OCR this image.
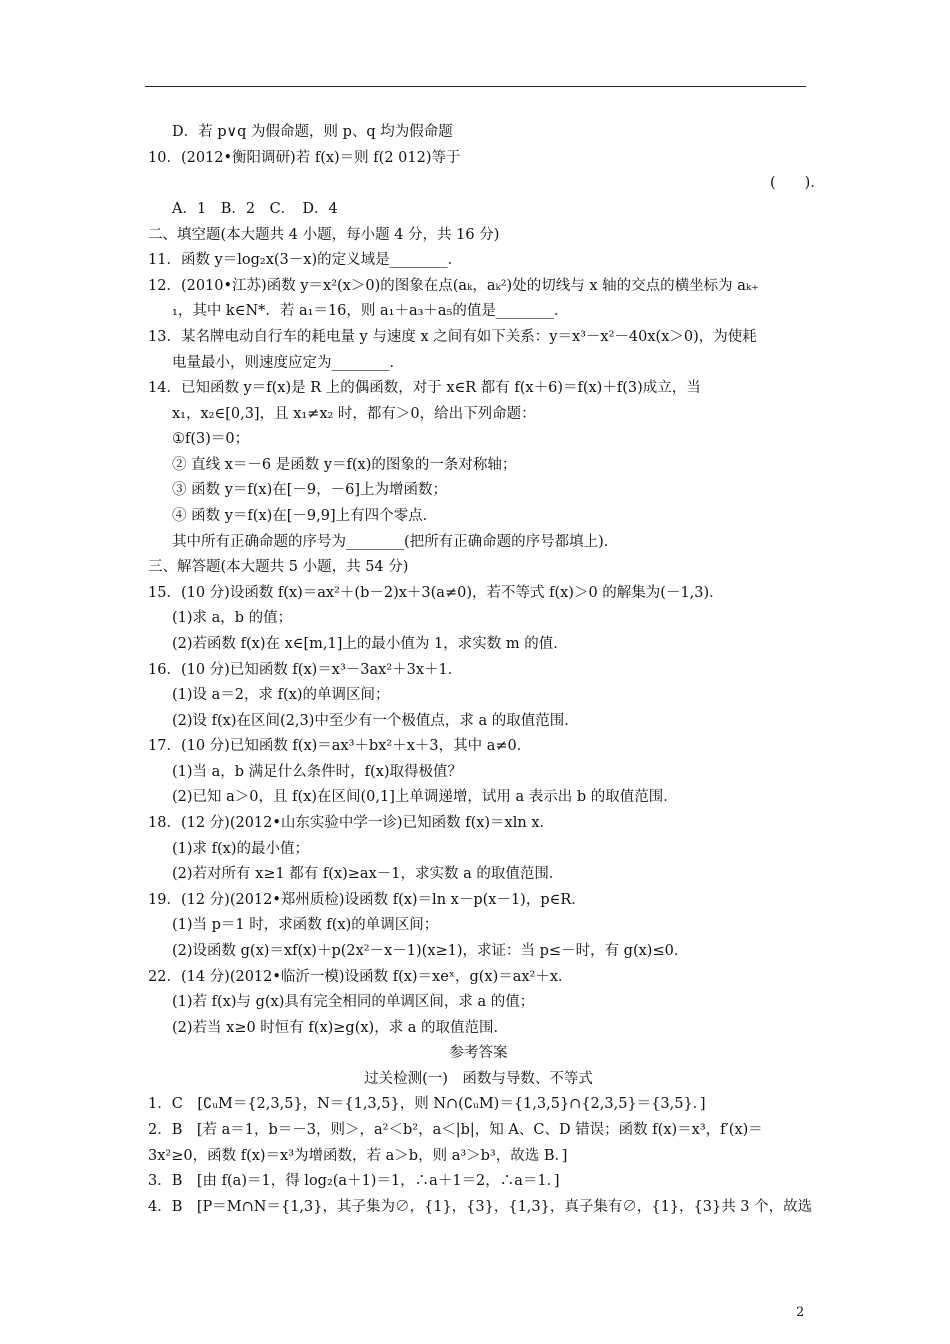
D．若 p∨q 为假命题，则 p、q 均为假命题
10．(2012•衡阳调研)若 f(x)＝则 f(2 012)等于
(　　)．
A．1　B．2　C．　D．4
二、填空题(本大题共 4 小题，每小题 4 分，共 16 分)
11．函数 y＝log₂x(3－x)的定义域是________．
12．(2010•江苏)函数 y＝x²(x＞0)的图象在点(aₖ，aₖ²)处的切线与 x 轴的交点的横坐标为 aₖ₊
₁，其中 k∈N*．若 a₁＝16，则 a₁＋a₃＋a₅的值是________．
13．某名牌电动自行车的耗电量 y 与速度 x 之间有如下关系：y＝x³－x²－40x(x＞0)，为使耗
电量最小，则速度应定为________．
14．已知函数 y＝f(x)是 R 上的偶函数，对于 x∈R 都有 f(x＋6)＝f(x)＋f(3)成立，当
x₁，x₂∈[0,3]，且 x₁≠x₂ 时，都有＞0，给出下列命题：
①f(3)＝0；
② 直线 x＝－6 是函数 y＝f(x)的图象的一条对称轴；
③ 函数 y＝f(x)在[－9，－6]上为增函数；
④ 函数 y＝f(x)在[－9,9]上有四个零点．
其中所有正确命题的序号为________(把所有正确命题的序号都填上)．
三、解答题(本大题共 5 小题，共 54 分)
15．(10 分)设函数 f(x)＝ax²＋(b－2)x＋3(a≠0)，若不等式 f(x)＞0 的解集为(－1,3)．
(1)求 a，b 的值；
(2)若函数 f(x)在 x∈[m,1]上的最小值为 1，求实数 m 的值．
16．(10 分)已知函数 f(x)＝x³－3ax²＋3x＋1．
(1)设 a＝2，求 f(x)的单调区间；
(2)设 f(x)在区间(2,3)中至少有一个极值点，求 a 的取值范围．
17．(10 分)已知函数 f(x)＝ax³＋bx²＋x＋3，其中 a≠0．
(1)当 a，b 满足什么条件时，f(x)取得极值？
(2)已知 a＞0，且 f(x)在区间(0,1]上单调递增，试用 a 表示出 b 的取值范围．
18．(12 分)(2012•山东实验中学一诊)已知函数 f(x)＝xln x．
(1)求 f(x)的最小值；
(2)若对所有 x≥1 都有 f(x)≥ax－1，求实数 a 的取值范围．
19．(12 分)(2012•郑州质检)设函数 f(x)＝ln x－p(x－1)，p∈R．
(1)当 p＝1 时，求函数 f(x)的单调区间；
(2)设函数 g(x)＝xf(x)＋p(2x²－x－1)(x≥1)，求证：当 p≤－时，有 g(x)≤0．
22．(14 分)(2012•临沂一模)设函数 f(x)＝xeˣ，g(x)＝ax²＋x．
(1)若 f(x)与 g(x)具有完全相同的单调区间，求 a 的值；
(2)若当 x≥0 时恒有 f(x)≥g(x)，求 a 的取值范围．
参考答案
过关检测(一)　函数与导数、不等式
1．C　[∁ᵤM＝{2,3,5}，N＝{1,3,5}，则 N∩(∁ᵤM)＝{1,3,5}∩{2,3,5}＝{3,5}．]
2．B　[若 a＝1，b＝－3，则＞，a²＜b²，a＜|b|，知 A、C、D 错误；函数 f(x)＝x³，f′(x)＝
3x²≥0，函数 f(x)＝x³为增函数，若 a＞b，则 a³＞b³，故选 B．]
3．B　[由 f(a)＝1，得 log₂(a＋1)＝1，∴a＋1＝2，∴a＝1．]
4．B　[P＝M∩N＝{1,3}，其子集为∅，{1}，{3}，{1,3}，真子集有∅，{1}，{3}共 3 个，故选
2
